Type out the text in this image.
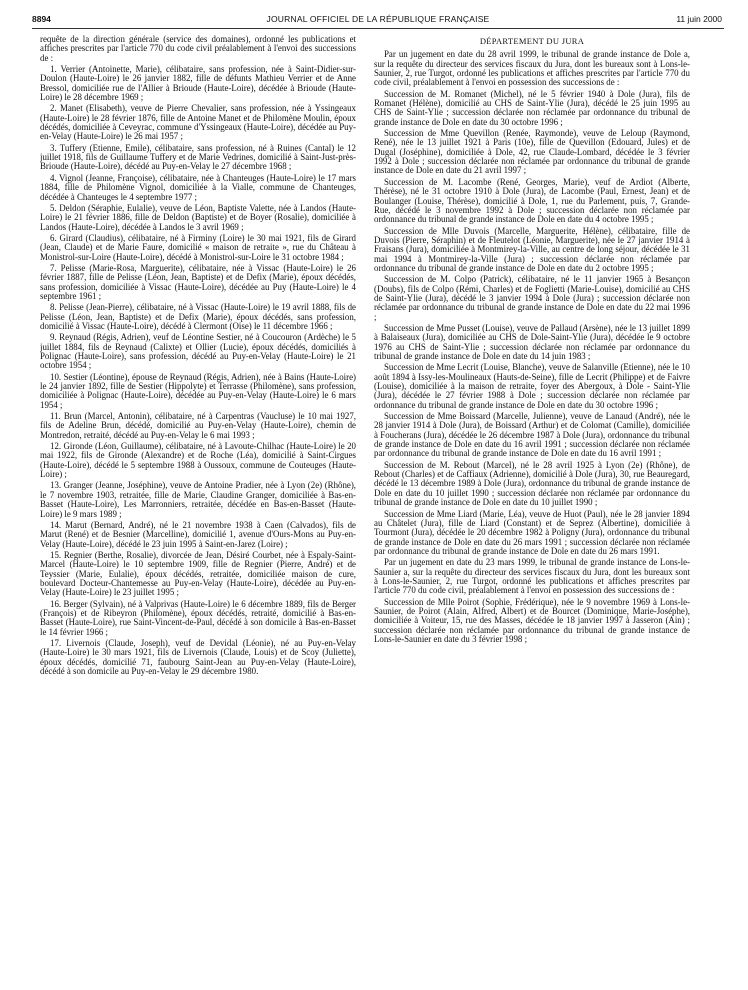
8894	JOURNAL OFFICIEL DE LA RÉPUBLIQUE FRANÇAISE	11 juin 2000

requête de la direction générale (service des domaines), ordonné les publications et affiches prescrites par l'article 770 du code civil préalablement à l'envoi des successions de :

1. Verrier (Antoinette, Marie), célibataire, sans profession, née à Saint-Didier-sur-Doulon (Haute-Loire) le 26 janvier 1882, fille de défunts Mathieu Verrier et de Anne Bressol, domiciliée rue de l'Allier à Brioude (Haute-Loire), décédée à Brioude (Haute-Loire) le 28 décembre 1969 ;

2. Manet (Elisabeth), veuve de Pierre Chevalier, sans profession, née à Yssingeaux (Haute-Loire) le 28 février 1876, fille de Antoine Manet et de Philomène Moulin, époux décédés, domiciliée à Ceveyrac, commune d'Yssingeaux (Haute-Loire), décédée au Puy-en-Velay (Haute-Loire) le 26 mai 1957 ;

3. Tuffery (Etienne, Emile), célibataire, sans profession, né à Ruines (Cantal) le 12 juillet 1918, fils de Guillaume Tuffery et de Marie Vedrines, domicilié à Saint-Just-près-Brioude (Haute-Loire), décédé au Puy-en-Velay le 27 décembre 1968 ;

4. Vignol (Jeanne, Françoise), célibataire, née à Chanteuges (Haute-Loire) le 17 mars 1884, fille de Philomène Vignol, domiciliée à la Vialle, commune de Chanteuges, décédée à Chanteuges le 4 septembre 1977 ;

5. Deldon (Séraphie, Eulalie), veuve de Léon, Baptiste Valette, née à Landos (Haute-Loire) le 21 février 1886, fille de Deldon (Baptiste) et de Boyer (Rosalie), domiciliée à Landos (Haute-Loire), décédée à Landos le 3 avril 1969 ;

6. Girard (Claudius), célibataire, né à Firminy (Loire) le 30 mai 1921, fils de Girard (Jean, Claude) et de Marie Faure, domicilié « maison de retraite », rue du Château à Monistrol-sur-Loire (Haute-Loire), décédé à Monistrol-sur-Loire le 31 octobre 1984 ;

7. Pelisse (Marie-Rosa, Marguerite), célibataire, née à Vissac (Haute-Loire) le 26 février 1887, fille de Pelisse (Léon, Jean, Baptiste) et de Defix (Marie), époux décédés, sans profession, domiciliée à Vissac (Haute-Loire), décédée au Puy (Haute-Loire) le 4 septembre 1961 ;

8. Pelisse (Jean-Pierre), célibataire, né à Vissac (Haute-Loire) le 19 avril 1888, fils de Pelisse (Léon, Jean, Baptiste) et de Defix (Marie), époux décédés, sans profession, domicilié à Vissac (Haute-Loire), décédé à Clermont (Oise) le 11 décembre 1966 ;

9. Reynaud (Régis, Adrien), veuf de Léontine Sestier, né à Coucouron (Ardèche) le 5 juillet 1884, fils de Reynaud (Calixte) et Ollier (Lucie), époux décédés, domiciliés à Polignac (Haute-Loire), sans profession, décédé au Puy-en-Velay (Haute-Loire) le 21 octobre 1954 ;

10. Sestier (Léontine), épouse de Reynaud (Régis, Adrien), née à Bains (Haute-Loire) le 24 janvier 1892, fille de Sestier (Hippolyte) et Terrasse (Philomène), sans profession, domiciliée à Polignac (Haute-Loire), décédée au Puy-en-Velay (Haute-Loire) le 6 mars 1954 ;

11. Brun (Marcel, Antonin), célibataire, né à Carpentras (Vaucluse) le 10 mai 1927, fils de Adeline Brun, décédé, domicilié au Puy-en-Velay (Haute-Loire), chemin de Montredon, retraité, décédé au Puy-en-Velay le 6 mai 1993 ;

12. Gironde (Léon, Guillaume), célibataire, né à Lavoute-Chilhac (Haute-Loire) le 20 mai 1922, fils de Gironde (Alexandre) et de Roche (Léa), domicilié à Saint-Cirgues (Haute-Loire), décédé le 5 septembre 1988 à Oussoux, commune de Couteuges (Haute-Loire) ;

13. Granger (Jeanne, Joséphine), veuve de Antoine Pradier, née à Lyon (2e) (Rhône), le 7 novembre 1903, retraitée, fille de Marie, Claudine Granger, domiciliée à Bas-en-Basset (Haute-Loire), Les Marronniers, retraitée, décédée en Bas-en-Basset (Haute-Loire) le 9 mars 1989 ;

14. Marut (Bernard, André), né le 21 novembre 1938 à Caen (Calvados), fils de Marut (René) et de Besnier (Marcelline), domicilié 1, avenue d'Ours-Mons au Puy-en-Velay (Haute-Loire), décédé le 23 juin 1995 à Saint-en-Jarez (Loire) ;

15. Regnier (Berthe, Rosalie), divorcée de Jean, Désiré Courbet, née à Espaly-Saint-Marcel (Haute-Loire) le 10 septembre 1909, fille de Regnier (Pierre, André) et de Teyssier (Marie, Eulalie), époux décédés, retraitée, domiciliée maison de cure, boulevard Docteur-Chantemesse au Puy-en-Velay (Haute-Loire), décédée au Puy-en-Velay (Haute-Loire) le 23 juillet 1995 ;

16. Berger (Sylvain), né à Valprivas (Haute-Loire) le 6 décembre 1889, fils de Berger (François) et de Ribeyron (Philomène), époux décédés, retraité, domicilié à Bas-en-Basset (Haute-Loire), rue Saint-Vincent-de-Paul, décédé à son domicile à Bas-en-Basset le 14 février 1966 ;

17. Livernois (Claude, Joseph), veuf de Devidal (Léonie), né au Puy-en-Velay (Haute-Loire) le 30 mars 1921, fils de Livernois (Claude, Louis) et de Scoy (Juliette), époux décédés, domicilié 71, faubourg Saint-Jean au Puy-en-Velay (Haute-Loire), décédé à son domicile au Puy-en-Velay le 29 décembre 1980.

DÉPARTEMENT DU JURA

Par un jugement en date du 28 avril 1999, le tribunal de grande instance de Dole a, sur la requête du directeur des services fiscaux du Jura, dont les bureaux sont à Lons-le-Saunier, 2, rue Turgot, ordonné les publications et affiches prescrites par l'article 770 du code civil, préalablement à l'envoi en possession des successions de :

Succession de M. Romanet (Michel), né le 5 février 1940 à Dole (Jura), fils de Romanet (Hélène), domicilié au CHS de Saint-Ylie (Jura), décédé le 25 juin 1995 au CHS de Saint-Ylie ; succession déclarée non réclamée par ordonnance du tribunal de grande instance de Dole en date du 30 octobre 1996 ;

Succession de Mme Quevillon (Renée, Raymonde), veuve de Leloup (Raymond, René), née le 13 juillet 1921 à Paris (10e), fille de Quevillon (Edouard, Jules) et de Dugal (Joséphine), domiciliée à Dole, 42, rue Claude-Lombard, décédée le 3 février 1992 à Dole ; succession déclarée non réclamée par ordonnance du tribunal de grande instance de Dole en date du 21 avril 1997 ;

Succession de M. Lacombe (René, Georges, Marie), veuf de Ardiot (Alberte, Thérèse), né le 31 octobre 1910 à Dole (Jura), de Lacombe (Paul, Ernest, Jean) et de Boulanger (Louise, Thérèse), domicilié à Dole, 1, rue du Parlement, puis, 7, Grande-Rue, décédé le 3 novembre 1992 à Dole ; succession déclarée non réclamée par ordonnance du tribunal de grande instance de Dole en date du 4 octobre 1995 ;

Succession de Mlle Duvois (Marcelle, Marguerite, Hélène), célibataire, fille de Duvois (Pierre, Séraphin) et de Fleutelot (Léonie, Marguerite), née le 27 janvier 1914 à Fraisans (Jura), domiciliée à Montmirey-la-Ville, au centre de long séjour, décédée le 31 mai 1994 à Montmirey-la-Ville (Jura) ; succession déclarée non réclamée par ordonnance du tribunal de grande instance de Dole en date du 2 octobre 1995 ;

Succession de M. Colpo (Patrick), célibataire, né le 11 janvier 1965 à Besançon (Doubs), fils de Colpo (Rémi, Charles) et de Foglietti (Marie-Louise), domicilié au CHS de Saint-Ylie (Jura), décédé le 3 janvier 1994 à Dole (Jura) ; succession déclarée non réclamée par ordonnance du tribunal de grande instance de Dole en date du 22 mai 1996 ;

Succession de Mme Pusset (Louise), veuve de Pallaud (Arsène), née le 13 juillet 1899 à Balaiseaux (Jura), domiciliée au CHS de Dole-Saint-Ylie (Jura), décédée le 9 octobre 1976 au CHS de Saint-Ylie ; succession déclarée non réclamée par ordonnance du tribunal de grande instance de Dole en date du 14 juin 1983 ;

Succession de Mme Lecrit (Louise, Blanche), veuve de Salanville (Etienne), née le 10 août 1894 à Issy-les-Moulineaux (Hauts-de-Seine), fille de Lecrit (Philippe) et de Faivre (Louise), domiciliée à la maison de retraite, foyer des Abergoux, à Dole - Saint-Ylie (Jura), décédée le 27 février 1988 à Dole ; succession déclarée non réclamée par ordonnance du tribunal de grande instance de Dole en date du 30 octobre 1996 ;

Succession de Mme Boissard (Marcelle, Julienne), veuve de Lanaud (André), née le 28 janvier 1914 à Dole (Jura), de Boissard (Arthur) et de Colomat (Camille), domiciliée à Foucherans (Jura), décédée le 26 décembre 1987 à Dole (Jura), ordonnance du tribunal de grande instance de Dole en date du 16 avril 1991 ; succession déclarée non réclamée par ordonnance du tribunal de grande instance de Dole en date du 16 avril 1991 ;

Succession de M. Rebout (Marcel), né le 28 avril 1925 à Lyon (2e) (Rhône), de Rebout (Charles) et de Caffiaux (Adrienne), domicilié à Dole (Jura), 30, rue Beauregard, décédé le 13 décembre 1989 à Dole (Jura), ordonnance du tribunal de grande instance de Dole en date du 10 juillet 1990 ; succession déclarée non réclamée par ordonnance du tribunal de grande instance de Dole en date du 10 juillet 1990 ;

Succession de Mme Liard (Marie, Léa), veuve de Huot (Paul), née le 28 janvier 1894 au Châtelet (Jura), fille de Liard (Constant) et de Seprez (Albertine), domiciliée à Tourmont (Jura), décédée le 20 décembre 1982 à Poligny (Jura), ordonnance du tribunal de grande instance de Dole en date du 26 mars 1991 ; succession déclarée non réclamée par ordonnance du tribunal de grande instance de Dole en date du 26 mars 1991.

Par un jugement en date du 23 mars 1999, le tribunal de grande instance de Lons-le-Saunier a, sur la requête du directeur des services fiscaux du Jura, dont les bureaux sont à Lons-le-Saunier, 2, rue Turgot, ordonné les publications et affiches prescrites par l'article 770 du code civil, préalablement à l'envoi en possession des successions de :

Succession de Mlle Poirot (Sophie, Frédérique), née le 9 novembre 1969 à Lons-le-Saunier, de Poirot (Alain, Alfred, Albert) et de Bourcet (Dominique, Marie-Joséphe), domiciliée à Voiteur, 15, rue des Masses, décédée le 18 janvier 1997 à Jasseron (Ain) ; succession déclarée non réclamée par ordonnance du tribunal de grande instance de Lons-le-Saunier en date du 3 février 1998 ;
